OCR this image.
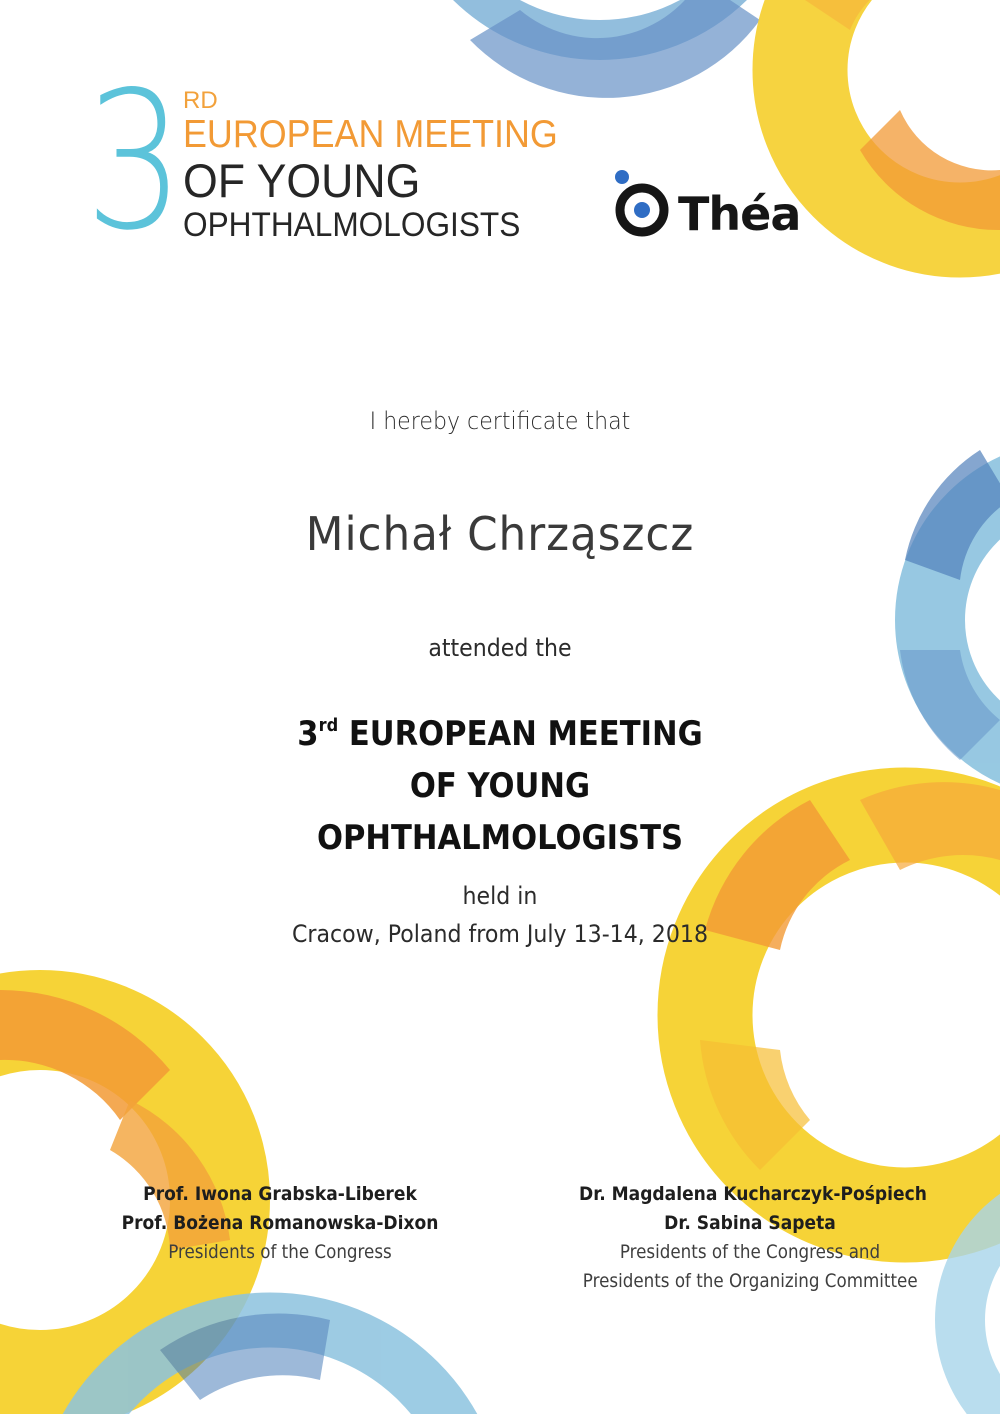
3
RD
EUROPEAN MEETING
OF YOUNG
OPHTHALMOLOGISTS	Théa
I hereby certificate that
Michał Chrząszcz
attended the
3rd EUROPEAN MEETING
OF YOUNG
OPHTHALMOLOGISTS
held in
Cracow, Poland from July 13-14, 2018
Prof. Iwona Grabska-Liberek
Prof. Bożena Romanowska-Dixon
Presidents of the Congress
Dr. Magdalena Kucharczyk-Pośpiech
Dr. Sabina Sapeta
Presidents of the Congress and
Presidents of the Organizing Committee
